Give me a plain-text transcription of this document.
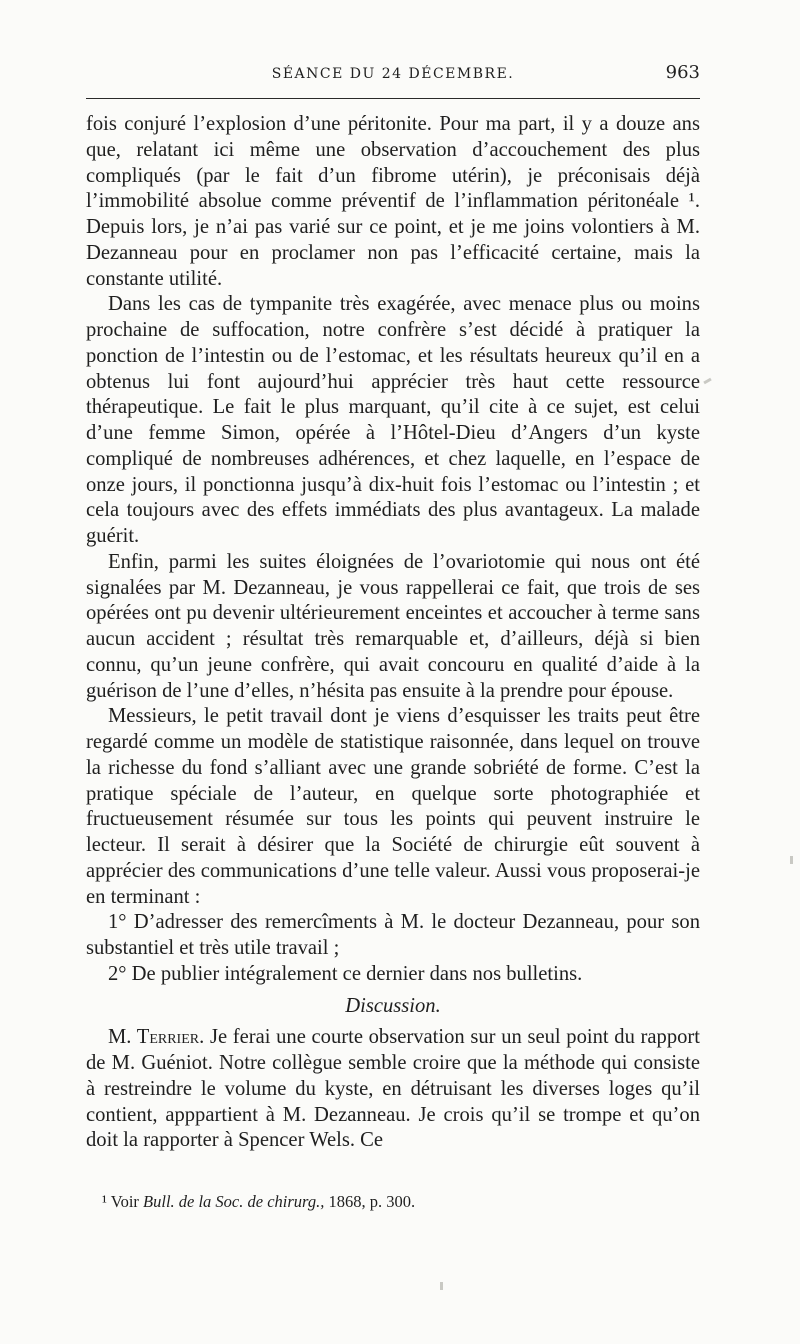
SÉANCE DU 24 DÉCEMBRE.	963

fois conjuré l’explosion d’une péritonite. Pour ma part, il y a douze ans que, relatant ici même une observation d’accouchement des plus compliqués (par le fait d’un fibrome utérin), je préconisais déjà l’immobilité absolue comme préventif de l’inflammation péritonéale ¹. Depuis lors, je n’ai pas varié sur ce point, et je me joins volontiers à M. Dezanneau pour en proclamer non pas l’efficacité certaine, mais la constante utilité.

Dans les cas de tympanite très exagérée, avec menace plus ou moins prochaine de suffocation, notre confrère s’est décidé à pratiquer la ponction de l’intestin ou de l’estomac, et les résultats heureux qu’il en a obtenus lui font aujourd’hui apprécier très haut cette ressource thérapeutique. Le fait le plus marquant, qu’il cite à ce sujet, est celui d’une femme Simon, opérée à l’Hôtel-Dieu d’Angers d’un kyste compliqué de nombreuses adhérences, et chez laquelle, en l’espace de onze jours, il ponctionna jusqu’à dix-huit fois l’estomac ou l’intestin ; et cela toujours avec des effets immédiats des plus avantageux. La malade guérit.

Enfin, parmi les suites éloignées de l’ovariotomie qui nous ont été signalées par M. Dezanneau, je vous rappellerai ce fait, que trois de ses opérées ont pu devenir ultérieurement enceintes et accoucher à terme sans aucun accident ; résultat très remarquable et, d’ailleurs, déjà si bien connu, qu’un jeune confrère, qui avait concouru en qualité d’aide à la guérison de l’une d’elles, n’hésita pas ensuite à la prendre pour épouse.

Messieurs, le petit travail dont je viens d’esquisser les traits peut être regardé comme un modèle de statistique raisonnée, dans lequel on trouve la richesse du fond s’alliant avec une grande sobriété de forme. C’est la pratique spéciale de l’auteur, en quelque sorte photographiée et fructueusement résumée sur tous les points qui peuvent instruire le lecteur. Il serait à désirer que la Société de chirurgie eût souvent à apprécier des communications d’une telle valeur. Aussi vous proposerai-je en terminant :

1° D’adresser des remercîments à M. le docteur Dezanneau, pour son substantiel et très utile travail ;

2° De publier intégralement ce dernier dans nos bulletins.

Discussion.

M. Terrier. Je ferai une courte observation sur un seul point du rapport de M. Guéniot. Notre collègue semble croire que la méthode qui consiste à restreindre le volume du kyste, en détruisant les diverses loges qu’il contient, apppartient à M. Dezanneau. Je crois qu’il se trompe et qu’on doit la rapporter à Spencer Wels. Ce

¹ Voir Bull. de la Soc. de chirurg., 1868, p. 300.
